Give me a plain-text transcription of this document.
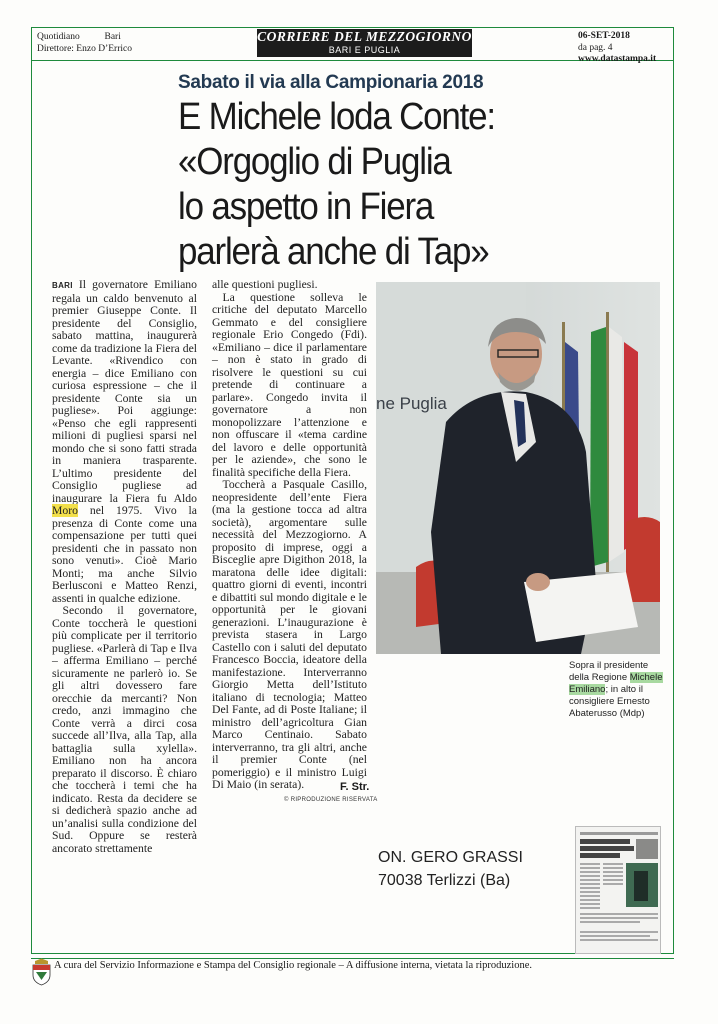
Quotidiano	Bari
Direttore: Enzo D’Errico
CORRIERE DEL MEZZOGIORNO
BARI E PUGLIA
06-SET-2018
da pag. 4
www.datastampa.it
Sabato il via alla Campionaria 2018
E Michele loda Conte:
«Orgoglio di Puglia
lo aspetto in Fiera
parlerà anche di Tap»

BARI Il governatore Emiliano regala un caldo benvenuto al premier Giuseppe Conte. Il presidente del Consiglio, sabato mattina, inaugurerà come da tradizione la Fiera del Levante. «Rivendico con energia – dice Emiliano con curiosa espressione – che il presidente Conte sia un pugliese». Poi aggiunge: «Penso che egli rappresenti milioni di pugliesi sparsi nel mondo che si sono fatti strada in maniera trasparente. L’ultimo presidente del Consiglio pugliese ad inaugurare la Fiera fu Aldo Moro nel 1975. Vivo la presenza di Conte come una compensazione per tutti quei presidenti che in passato non sono venuti». Cioè Mario Monti; ma anche Silvio Berlusconi e Matteo Renzi, assenti in qualche edizione.

Secondo il governatore, Conte toccherà le questioni più complicate per il territorio pugliese. «Parlerà di Tap e Ilva – afferma Emiliano – perché sicuramente ne parlerò io. Se gli altri dovessero fare orecchie da mercanti? Non credo, anzi immagino che Conte verrà a dirci cosa succede all’Ilva, alla Tap, alla battaglia sulla xylella». Emiliano non ha ancora preparato il discorso. È chiaro che toccherà i temi che ha indicato. Resta da decidere se si dedicherà spazio anche ad un’analisi sulla condizione del Sud. Oppure se resterà ancorato strettamente

alle questioni pugliesi.

La questione solleva le critiche del deputato Marcello Gemmato e del consigliere regionale Erio Congedo (Fdi). «Emiliano – dice il parlamentare – non è stato in grado di risolvere le questioni su cui pretende di continuare a parlare». Congedo invita il governatore a non monopolizzare l’attenzione e non offuscare il «tema cardine del lavoro e delle opportunità per le aziende», che sono le finalità specifiche della Fiera.

Toccherà a Pasquale Casillo, neopresidente dell’ente Fiera (ma la gestione tocca ad altra società), argomentare sulle necessità del Mezzogiorno. A proposito di imprese, oggi a Bisceglie apre Digithon 2018, la maratona delle idee digitali: quattro giorni di eventi, incontri e dibattiti sul mondo digitale e le opportunità per le giovani generazioni. L’inaugurazione è prevista stasera in Largo Castello con i saluti del deputato Francesco Boccia, ideatore della manifestazione. Interverranno Giorgio Metta dell’Istituto italiano di tecnologia; Matteo Del Fante, ad di Poste Italiane; il ministro dell’agricoltura Gian Marco Centinaio. Sabato interverranno, tra gli altri, anche il premier Conte (nel pomeriggio) e il ministro Luigi Di Maio (in serata).	F. Str.
© RIPRODUZIONE RISERVATA
ne Puglia
Sopra il presidente della Regione Michele Emiliano; in alto il consigliere Ernesto Abaterusso (Mdp)
ON. GERO GRASSI
70038 Terlizzi (Ba)
A cura del Servizio Informazione e Stampa del Consiglio regionale – A diffusione interna, vietata la riproduzione.
